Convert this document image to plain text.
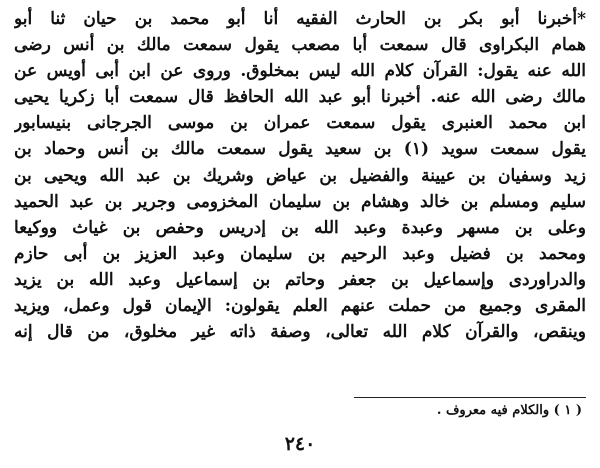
*أخبرنا أبو بكر بن الحارث الفقيه أنا أبو محمد بن حيان ثنا أبو
همام البكراوى قال سمعت أبا مصعب يقول سمعت مالك بن أنس رضى
الله عنه يقول: القرآن كلام الله ليس بمخلوق. وروى عن ابن أبى أويس عن
مالك رضى الله عنه. أخبرنا أبو عبد الله الحافظ قال سمعت أبا زكريا يحيى
ابن محمد العنبرى يقول سمعت عمران بن موسى الجرجانى بنيسابور
يقول سمعت سويد (١) بن سعيد يقول سمعت مالك بن أنس وحماد بن
زيد وسفيان بن عيينة والفضيل بن عياض وشريك بن عبد الله ويحيى بن
سليم ومسلم بن خالد وهشام بن سليمان المخزومى وجرير بن عبد الحميد
وعلى بن مسهر وعبدة وعبد الله بن إدريس وحفص بن غياث ووكيعا
ومحمد بن فضيل وعبد الرحيم بن سليمان وعبد العزيز بن أبى حازم
والدراوردى وإسماعيل بن جعفر وحاتم بن إسماعيل وعبد الله بن يزيد
المقرى وجميع من حملت عنهم العلم يقولون: الإيمان قول وعمل، ويزيد
وينقص، والقرآن كلام الله تعالى، وصفة ذاته غير مخلوق، من قال إنه
( ١ ) والكلام فيه معروف .
٢٤٠
